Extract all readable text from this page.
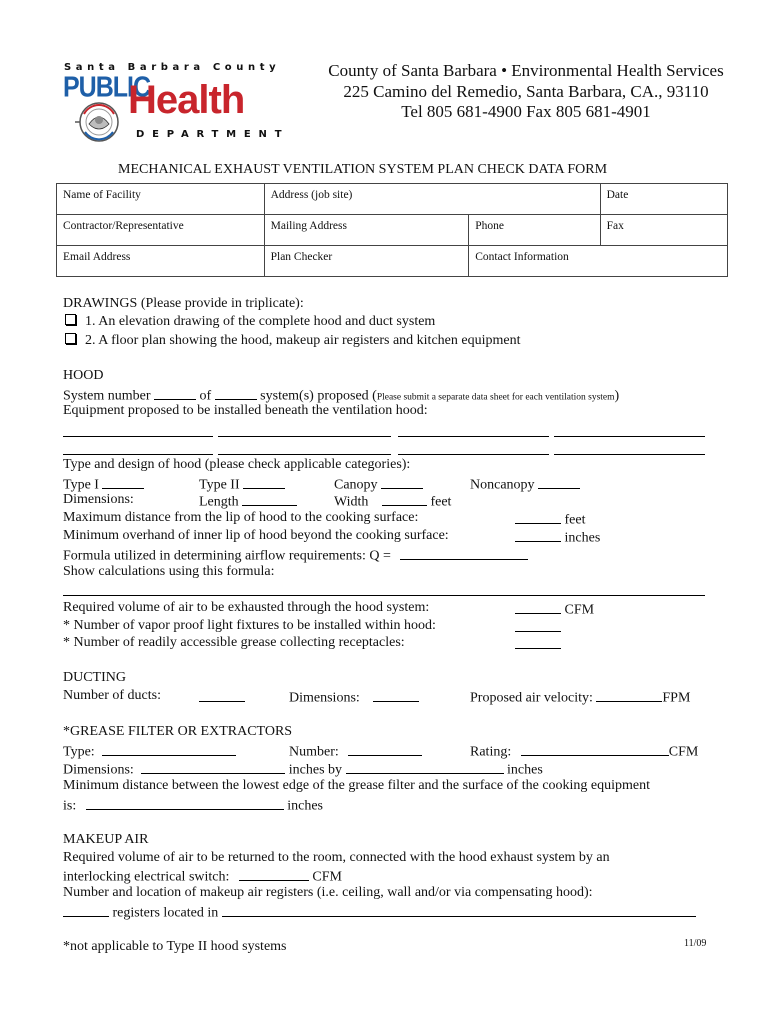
Santa Barbara County
PUBLIC
Health
DEPARTMENT
County of Santa Barbara • Environmental Health Services
225 Camino del Remedio, Santa Barbara, CA., 93110
Tel 805 681-4900 Fax 805 681-4901
MECHANICAL EXHAUST VENTILATION SYSTEM PLAN CHECK DATA FORM
Name of Facility	Address (job site)		Date
Contractor/Representative	Mailing Address	Phone	Fax
Email Address	Plan Checker	Contact Information	
DRAWINGS (Please provide in triplicate):
1. An elevation drawing of the complete hood and duct system
2. A floor plan showing the hood, makeup air registers and kitchen equipment
HOOD
System number	of	system(s) proposed (Please submit a separate data sheet for each ventilation system)
Equipment proposed to be installed beneath the ventilation hood:
Type and design of hood (please check applicable categories):
Type I	Type II	Canopy	Noncanopy
Dimensions:	Length	Width	feet
Maximum distance from the lip of hood to the cooking surface:	feet
Minimum overhand of inner lip of hood beyond the cooking surface:	inches
Formula utilized in determining airflow requirements: Q =
Show calculations using this formula:
Required volume of air to be exhausted through the hood system:	CFM
* Number of vapor proof light fixtures to be installed within hood:
* Number of readily accessible grease collecting receptacles:
DUCTING
Number of ducts:	Dimensions:	Proposed air velocity:	FPM
*GREASE FILTER OR EXTRACTORS
Type:	Number:	Rating:	CFM
Dimensions:	inches by	inches
Minimum distance between the lowest edge of the grease filter and the surface of the cooking equipment
is:	inches
MAKEUP AIR
Required volume of air to be returned to the room, connected with the hood exhaust system by an
interlocking electrical switch:	CFM
Number and location of makeup air registers (i.e. ceiling, wall and/or via compensating hood):
registers located in
*not applicable to Type II hood systems	11/09
